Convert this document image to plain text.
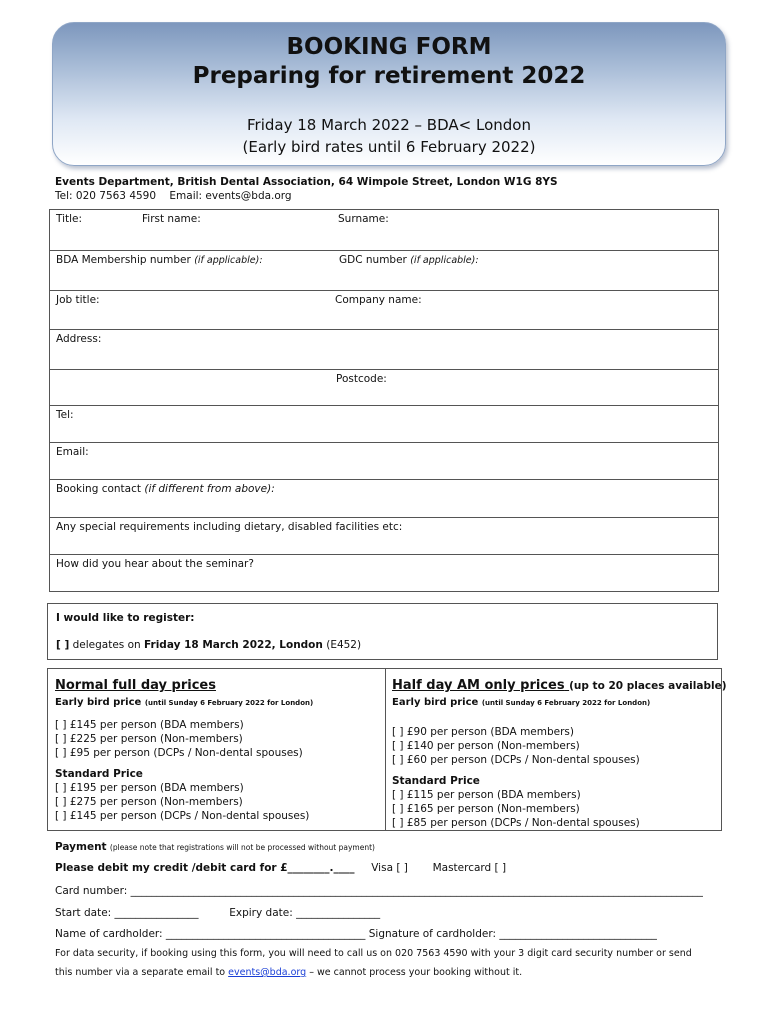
BOOKING FORM
Preparing for retirement 2022
Friday 18 March 2022 – BDA< London
(Early bird rates until 6 February 2022)
Events Department, British Dental Association, 64 Wimpole Street, London W1G 8YS
Tel: 020 7563 4590 Email: events@bda.org
Title:	First name:	Surname:
BDA Membership number (if applicable):	GDC number (if applicable):
Job title:	Company name:
Address:
Postcode:
Tel:
Email:
Booking contact (if different from above):
Any special requirements including dietary, disabled facilities etc:
How did you hear about the seminar?
I would like to register:
[ ] delegates on Friday 18 March 2022, London (E452)
Normal full day prices
Early bird price (until Sunday 6 February 2022 for London)
[ ] £145 per person (BDA members)
[ ] £225 per person (Non-members)
[ ] £95 per person (DCPs / Non-dental spouses)
Standard Price
[ ] £195 per person (BDA members)
[ ] £275 per person (Non-members)
[ ] £145 per person (DCPs / Non-dental spouses)
Half day AM only prices (up to 20 places available)
Early bird price (until Sunday 6 February 2022 for London)
[ ] £90 per person (BDA members)
[ ] £140 per person (Non-members)
[ ] £60 per person (DCPs / Non-dental spouses)
Standard Price
[ ] £115 per person (BDA members)
[ ] £165 per person (Non-members)
[ ] £85 per person (DCPs / Non-dental spouses)
Payment (please note that registrations will not be processed without payment)
Please debit my credit /debit card for £________.____ Visa [ ] Mastercard [ ]
Card number: _____________________________________________________________________________________________________________
Start date: ________________	Expiry date: ________________
Name of cardholder: ______________________________________ Signature of cardholder: ______________________________
For data security, if booking using this form, you will need to call us on 020 7563 4590 with your 3 digit card security number or send
this number via a separate email to events@bda.org – we cannot process your booking without it.
